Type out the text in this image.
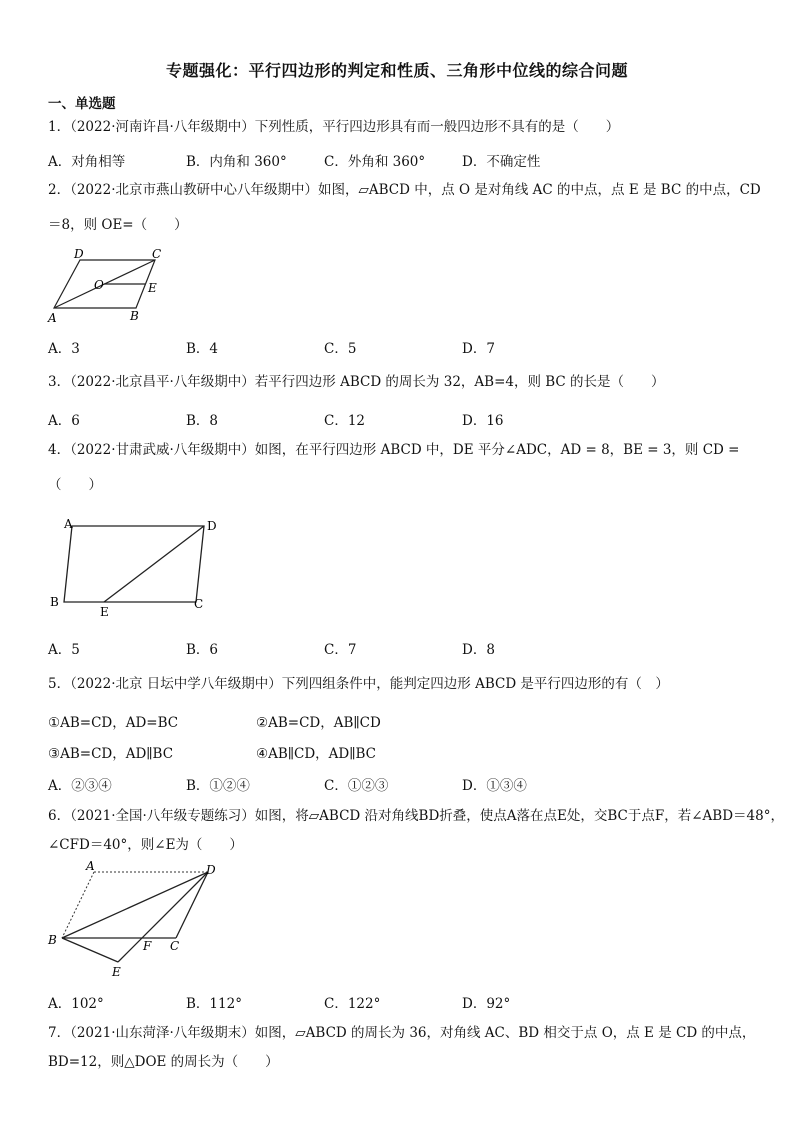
专题强化：平行四边形的判定和性质、三角形中位线的综合问题
一、单选题
1．（2022·河南许昌·八年级期中）下列性质，平行四边形具有而一般四边形不具有的是（　　）
A．对角相等	B．内角和 360°	C．外角和 360°	D．不确定性
2．（2022·北京市燕山教研中心八年级期中）如图，▱ABCD 中，点 O 是对角线 AC 的中点，点 E 是 BC 的中点，CD
＝8，则 OE=（　　）
D	C
O	E
A	B
A．3	B．4	C．5	D．7
3．（2022·北京昌平·八年级期中）若平行四边形 ABCD 的周长为 32，AB=4，则 BC 的长是（　　）
A．6	B．8	C．12	D．16
4．（2022·甘肃武威·八年级期中）如图，在平行四边形 ABCD 中，DE 平分∠ADC，AD = 8，BE = 3，则 CD =
（　　）
A	D
B
E
C
A．5	B．6	C．7	D．8
5．（2022·北京 日坛中学八年级期中）下列四组条件中，能判定四边形 ABCD 是平行四边形的有（　）
①AB=CD，AD=BC	②AB=CD，AB∥CD
③AB=CD，AD∥BC	④AB∥CD，AD∥BC
A．②③④	B．①②④	C．①②③	D．①③④
6．（2021·全国·八年级专题练习）如图，将▱ABCD 沿对角线BD折叠，使点A落在点E处，交BC于点F，若∠ABD＝48°，
∠CFD＝40°，则∠E为（　　）
A	D
B	F C
E
A．102°	B．112°	C．122°	D．92°
7．（2021·山东菏泽·八年级期末）如图，▱ABCD 的周长为 36，对角线 AC、BD 相交于点 O，点 E 是 CD 的中点，
BD=12，则△DOE 的周长为（　　）
